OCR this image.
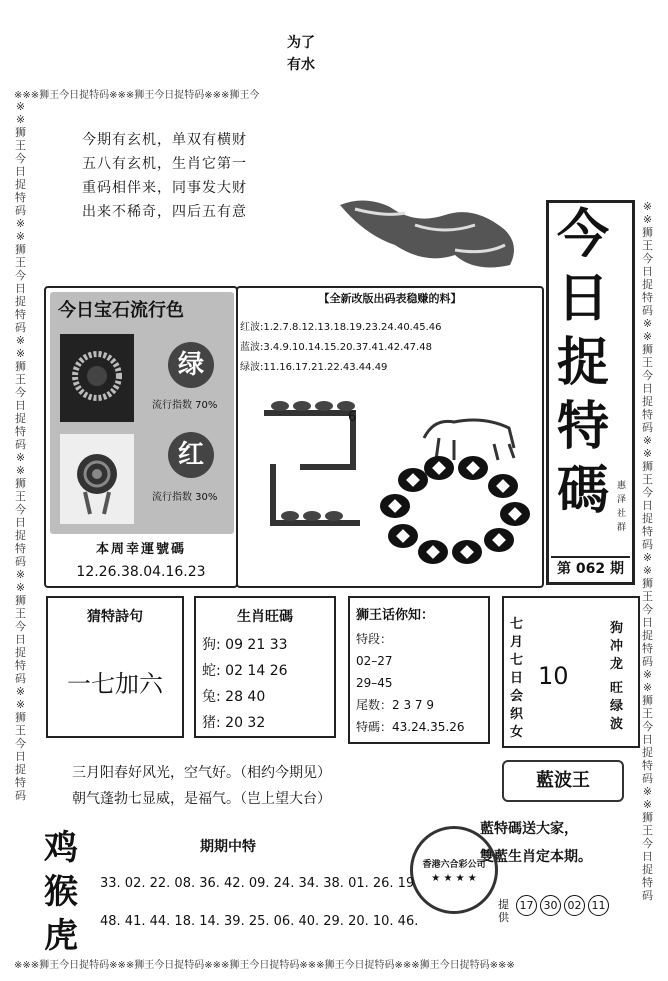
※※※狮王今日捉特码※※※狮王今日捉特码※※※狮王今
※※※狮王今日捉特码※※※狮王今日捉特码※※※狮王今日捉特码※※※狮王今日捉特码※※※狮王今日捉特码※※※
※※狮王今日捉特码※※狮王今日捉特码※※狮王今日捉特码※※狮王今日捉特码※※狮王今日捉特码※※狮王今日捉特码
※※狮王今日捉特码※※狮王今日捉特码※※狮王今日捉特码※※狮王今日捉特码※※狮王今日捉特码※※狮王今日捉特码
为了
有水
今期有玄机，单双有横财
五八有玄机，生肖它第一
重码相伴来，同事发大财
出来不稀奇，四后五有意	今
日
捉
特
碼 惠泽社群
第 062 期
今日宝石流行色
绿
流行指数 70%
红
流行指数 30%
本周幸運號碼
12.26.38.04.16.23
【全新改版出码表稳赚的料】
红波:1.2.7.8.12.13.18.19.23.24.40.45.46
蓝波:3.4.9.10.14.15.20.37.41.42.47.48
绿波:11.16.17.21.22.43.44.49
6
猜特詩句
一七加六
生肖旺碼
狗: 09 21 33
蛇: 02 14 26
兔: 28 40
猪: 20 32
狮王话你知：
特段：
02–27
29–45
尾数：2 3 7 9
特碼：43.24.35.26
七月七日会织女
10
狗冲龙
旺绿波
三月阳春好风光，空气好。（相约今期见）
朝气蓬勃七显威，是福气。（岂上望大台）
藍波王
藍特碼送大家，
雙藍生肖定本期。
提供
17 30 02 11
香港六合彩公司
★ ★ ★ ★
鸡
猴
虎
期期中特
33. 02. 22. 08. 36. 42. 09. 24. 34. 38. 01. 26. 19
48. 41. 44. 18. 14. 39. 25. 06. 40. 29. 20. 10. 46.
